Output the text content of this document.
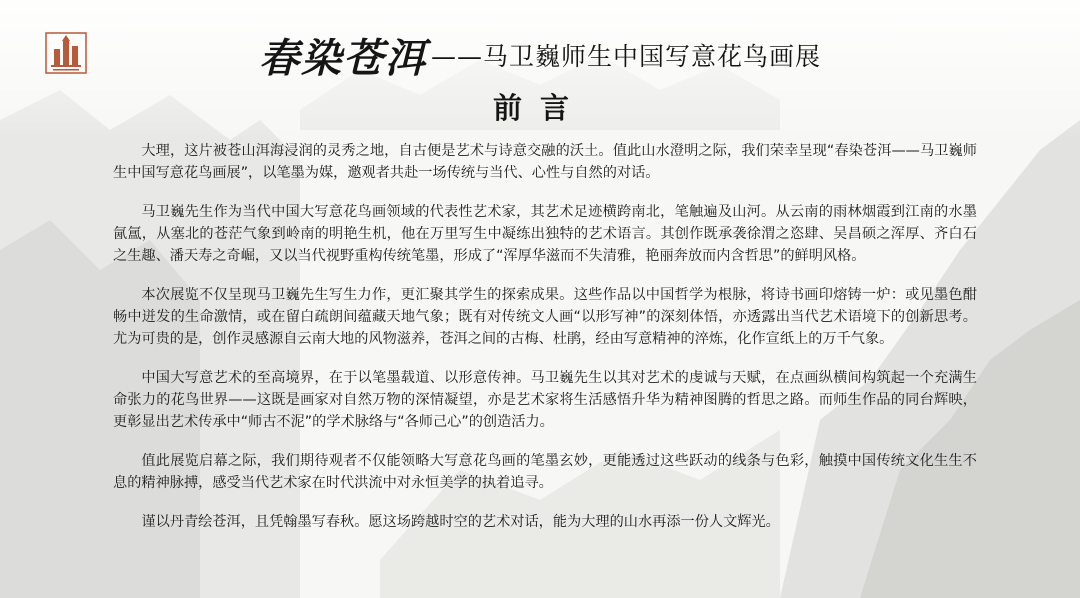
春染苍洱 ——马卫巍师生中国写意花鸟画展
前言

大理，这片被苍山洱海浸润的灵秀之地，自古便是艺术与诗意交融的沃土。值此山水澄明之际，我们荣幸呈现“春染苍洱——马卫巍师生中国写意花鸟画展”，以笔墨为媒，邀观者共赴一场传统与当代、心性与自然的对话。

马卫巍先生作为当代中国大写意花鸟画领域的代表性艺术家，其艺术足迹横跨南北，笔触遍及山河。从云南的雨林烟霞到江南的水墨氤氲，从塞北的苍茫气象到岭南的明艳生机，他在万里写生中凝练出独特的艺术语言。其创作既承袭徐渭之恣肆、吴昌硕之浑厚、齐白石之生趣、潘天寿之奇崛，又以当代视野重构传统笔墨，形成了“浑厚华滋而不失清雅，艳丽奔放而内含哲思”的鲜明风格。

本次展览不仅呈现马卫巍先生写生力作，更汇聚其学生的探索成果。这些作品以中国哲学为根脉，将诗书画印熔铸一炉：或见墨色酣畅中迸发的生命激情，或在留白疏朗间蕴藏天地气象；既有对传统文人画“以形写神”的深刻体悟，亦透露出当代艺术语境下的创新思考。尤为可贵的是，创作灵感源自云南大地的风物滋养，苍洱之间的古梅、杜鹃，经由写意精神的淬炼，化作宣纸上的万千气象。

中国大写意艺术的至高境界，在于以笔墨载道、以形意传神。马卫巍先生以其对艺术的虔诚与天赋，在点画纵横间构筑起一个充满生命张力的花鸟世界——这既是画家对自然万物的深情凝望，亦是艺术家将生活感悟升华为精神图腾的哲思之路。而师生作品的同台辉映，更彰显出艺术传承中“师古不泥”的学术脉络与“各师己心”的创造活力。

值此展览启幕之际，我们期待观者不仅能领略大写意花鸟画的笔墨玄妙，更能透过这些跃动的线条与色彩，触摸中国传统文化生生不息的精神脉搏，感受当代艺术家在时代洪流中对永恒美学的执着追寻。

谨以丹青绘苍洱，且凭翰墨写春秋。愿这场跨越时空的艺术对话，能为大理的山水再添一份人文辉光。
